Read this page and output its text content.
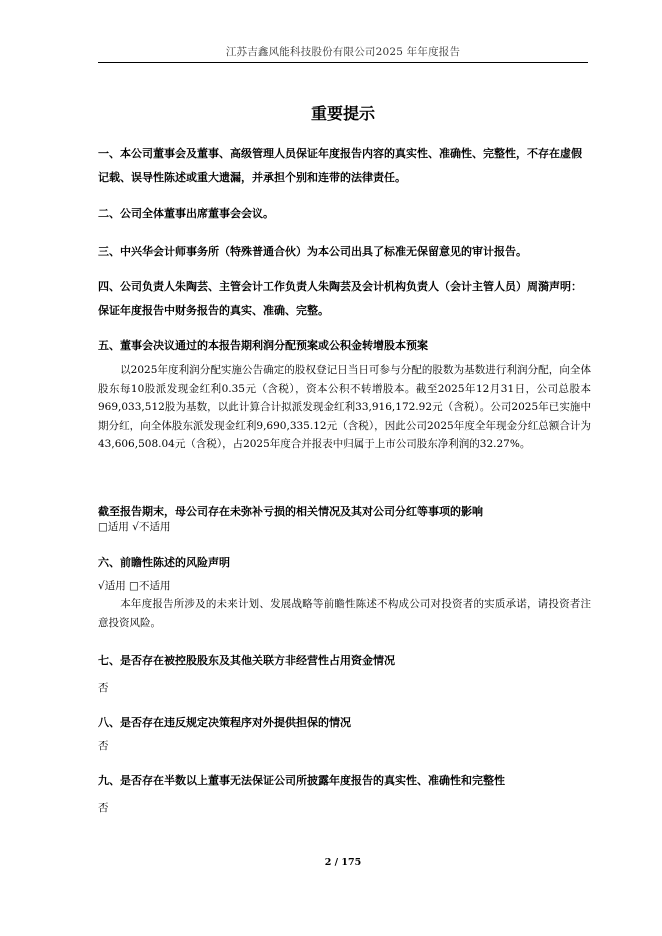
江苏吉鑫风能科技股份有限公司2025 年年度报告
重要提示
一、本公司董事会及董事、高级管理人员保证年度报告内容的真实性、准确性、完整性，不存在虚假记载、误导性陈述或重大遗漏，并承担个别和连带的法律责任。
二、公司全体董事出席董事会会议。
三、中兴华会计师事务所（特殊普通合伙）为本公司出具了标准无保留意见的审计报告。
四、公司负责人朱陶芸、主管会计工作负责人朱陶芸及会计机构负责人（会计主管人员）周漪声明：保证年度报告中财务报告的真实、准确、完整。
五、董事会决议通过的本报告期利润分配预案或公积金转增股本预案
以2025年度利润分配实施公告确定的股权登记日当日可参与分配的股数为基数进行利润分配，向全体股东每10股派发现金红利0.35元（含税），资本公积不转增股本。截至2025年12月31日，公司总股本969,033,512股为基数，以此计算合计拟派发现金红利33,916,172.92元（含税）。公司2025年已实施中期分红，向全体股东派发现金红利9,690,335.12元（含税），因此公司2025年度全年现金分红总额合计为43,606,508.04元（含税），占2025年度合并报表中归属于上市公司股东净利润的32.27%。
截至报告期末，母公司存在未弥补亏损的相关情况及其对公司分红等事项的影响
□适用 √不适用
六、前瞻性陈述的风险声明
√适用 □不适用
本年度报告所涉及的未来计划、发展战略等前瞻性陈述不构成公司对投资者的实质承诺，请投资者注意投资风险。
七、是否存在被控股股东及其他关联方非经营性占用资金情况
否
八、是否存在违反规定决策程序对外提供担保的情况
否
九、是否存在半数以上董事无法保证公司所披露年度报告的真实性、准确性和完整性
否
2 / 175
